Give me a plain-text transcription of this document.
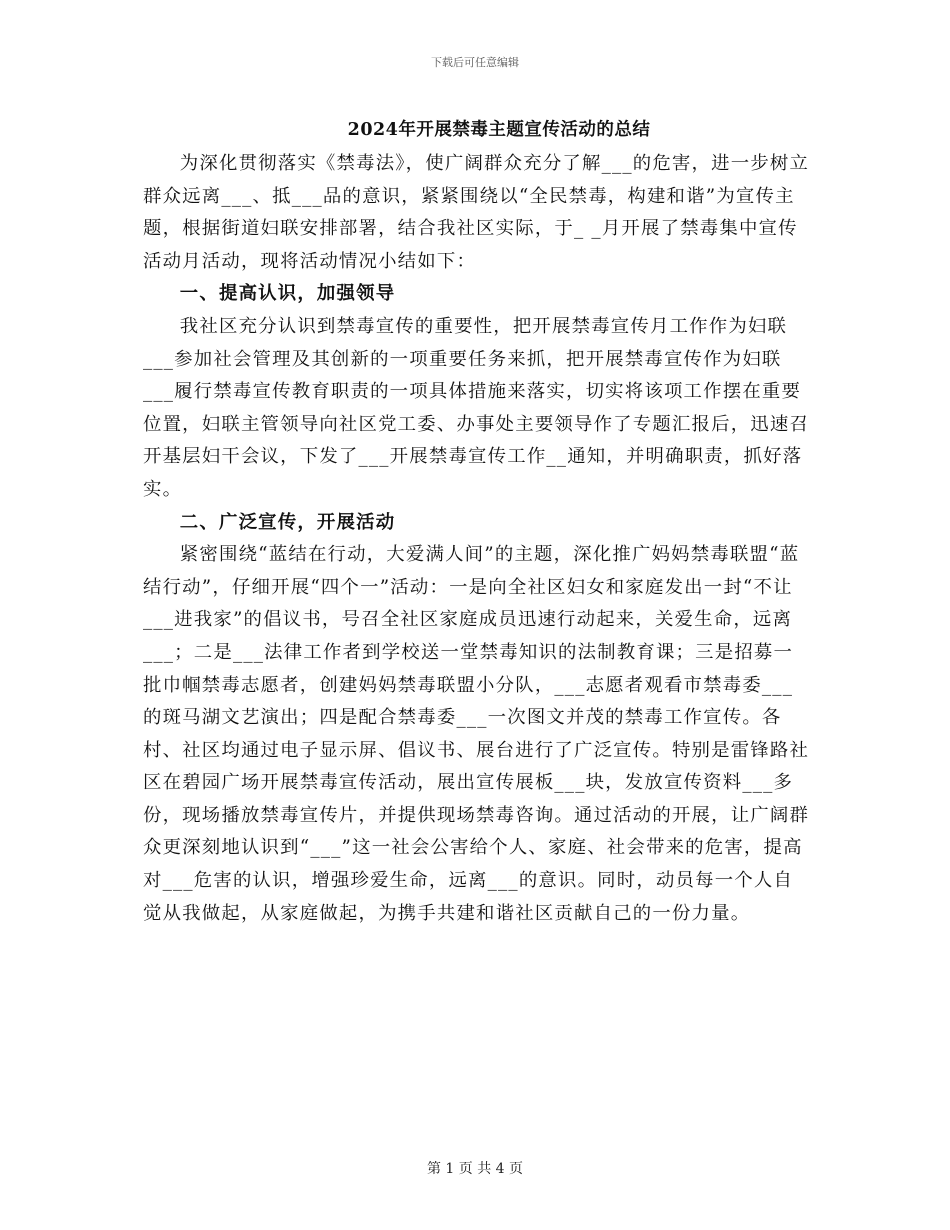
下载后可任意编辑
2024年开展禁毒主题宣传活动的总结

为深化贯彻落实《禁毒法》，使广阔群众充分了解___的危害，进一步树立群众远离___、抵___品的意识，紧紧围绕以“全民禁毒，构建和谐”为宣传主题，根据街道妇联安排部署，结合我社区实际，于_ _月开展了禁毒集中宣传活动月活动，现将活动情况小结如下：

一、提高认识，加强领导

我社区充分认识到禁毒宣传的重要性，把开展禁毒宣传月工作作为妇联___参加社会管理及其创新的一项重要任务来抓，把开展禁毒宣传作为妇联___履行禁毒宣传教育职责的一项具体措施来落实，切实将该项工作摆在重要位置，妇联主管领导向社区党工委、办事处主要领导作了专题汇报后，迅速召开基层妇干会议，下发了___开展禁毒宣传工作__通知，并明确职责，抓好落实。

二、广泛宣传，开展活动

紧密围绕“蓝结在行动，大爱满人间”的主题，深化推广妈妈禁毒联盟“蓝结行动”，仔细开展“四个一”活动：一是向全社区妇女和家庭发出一封“不让___进我家”的倡议书，号召全社区家庭成员迅速行动起来，关爱生命，远离___；二是___法律工作者到学校送一堂禁毒知识的法制教育课；三是招募一批巾帼禁毒志愿者，创建妈妈禁毒联盟小分队，___志愿者观看市禁毒委___的斑马湖文艺演出；四是配合禁毒委___一次图文并茂的禁毒工作宣传。各村、社区均通过电子显示屏、倡议书、展台进行了广泛宣传。特别是雷锋路社区在碧园广场开展禁毒宣传活动，展出宣传展板___块，发放宣传资料___多份，现场播放禁毒宣传片，并提供现场禁毒咨询。通过活动的开展，让广阔群众更深刻地认识到“___”这一社会公害给个人、家庭、社会带来的危害，提高对___危害的认识，增强珍爱生命，远离___的意识。同时，动员每一个人自觉从我做起，从家庭做起，为携手共建和谐社区贡献自己的一份力量。

第 1 页 共 4 页
